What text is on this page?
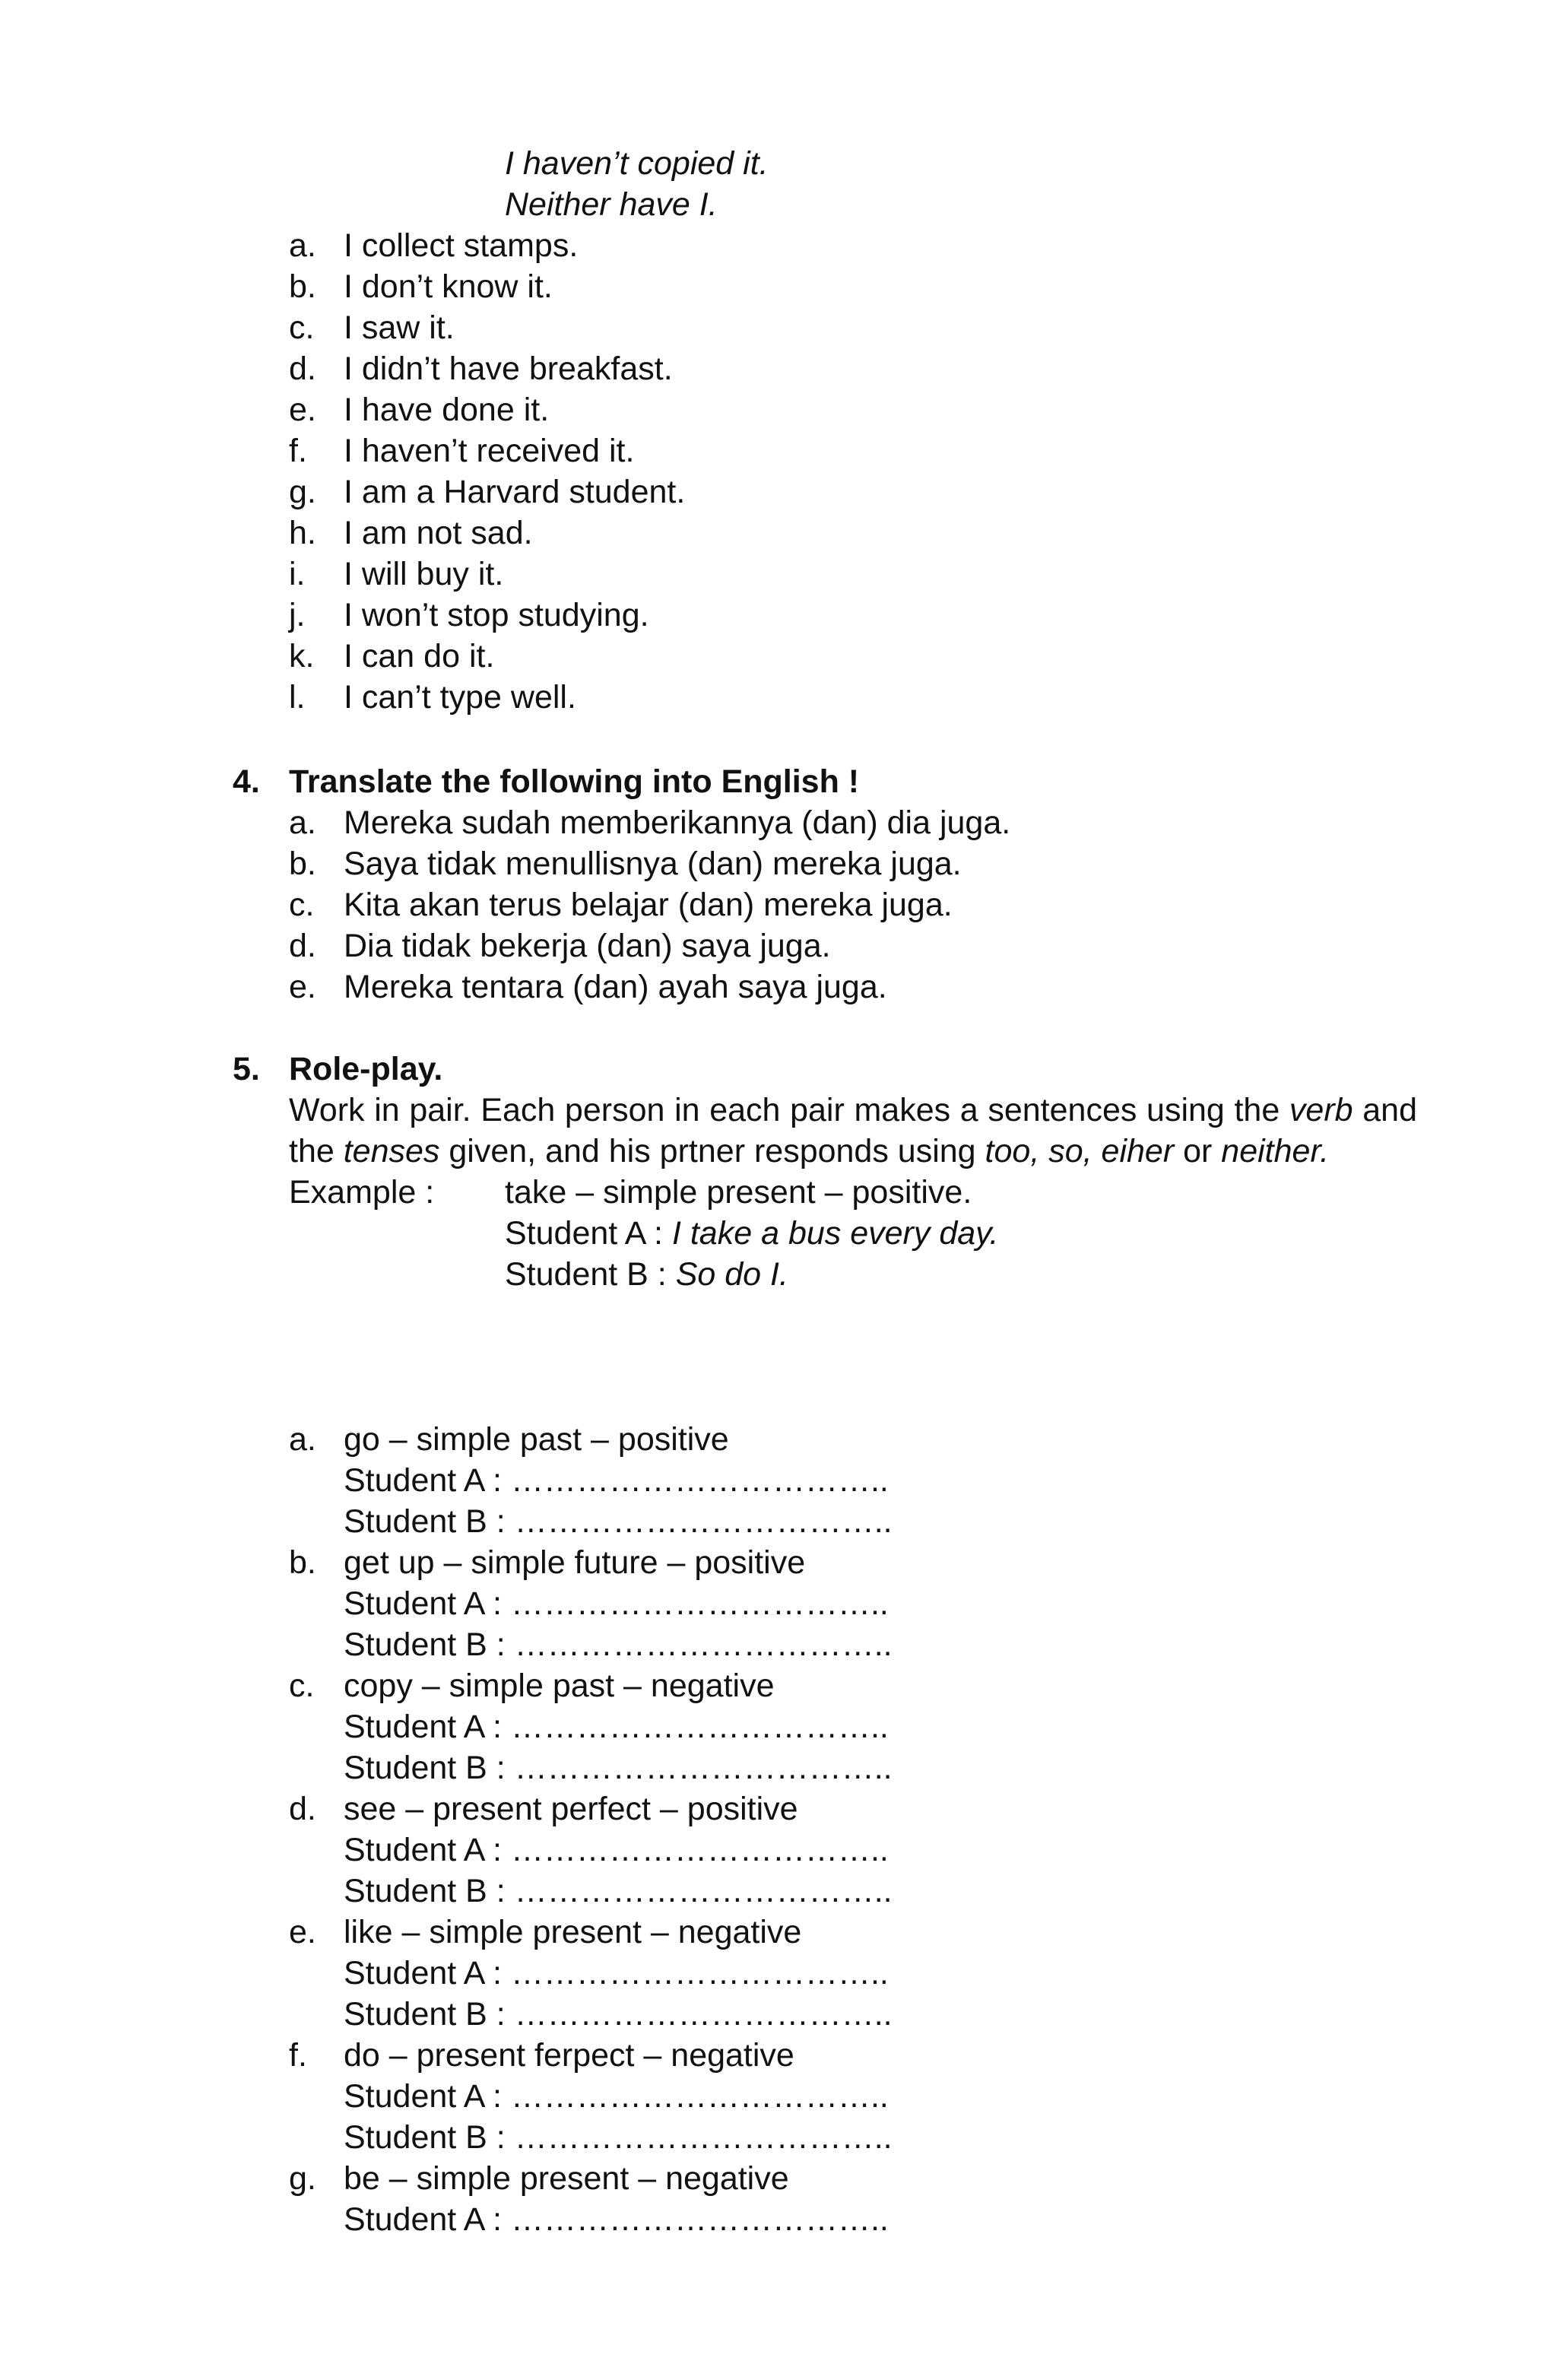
I haven’t copied it.
Neither have I.
a. I collect stamps.
b. I don’t know it.
c. I saw it.
d. I didn’t have breakfast.
e. I have done it.
f. I haven’t received it.
g. I am a Harvard student.
h. I am not sad.
i. I will buy it.
j. I won’t stop studying.
k. I can do it.
l. I can’t type well.
4. Translate the following into English !
a. Mereka sudah memberikannya (dan) dia juga.
b. Saya tidak menullisnya (dan) mereka juga.
c. Kita akan terus belajar (dan) mereka juga.
d. Dia tidak bekerja (dan) saya juga.
e. Mereka tentara (dan) ayah saya juga.
5. Role-play.
Work in pair. Each person in each pair makes a sentences using the verb and the tenses given, and his prtner responds using too, so, eiher or neither.
Example : take – simple present – positive.
Student A : I take a bus every day.
Student B : So do I.
a. go – simple past – positive
Student A : ……………………………..
Student B : ……………………………..
b. get up – simple future – positive
Student A : ……………………………..
Student B : ……………………………..
c. copy – simple past – negative
Student A : ……………………………..
Student B : ……………………………..
d. see – present perfect – positive
Student A : ……………………………..
Student B : ……………………………..
e. like – simple present – negative
Student A : ……………………………..
Student B : ……………………………..
f. do – present ferpect – negative
Student A : ……………………………..
Student B : ……………………………..
g. be – simple present – negative
Student A : ……………………………..
